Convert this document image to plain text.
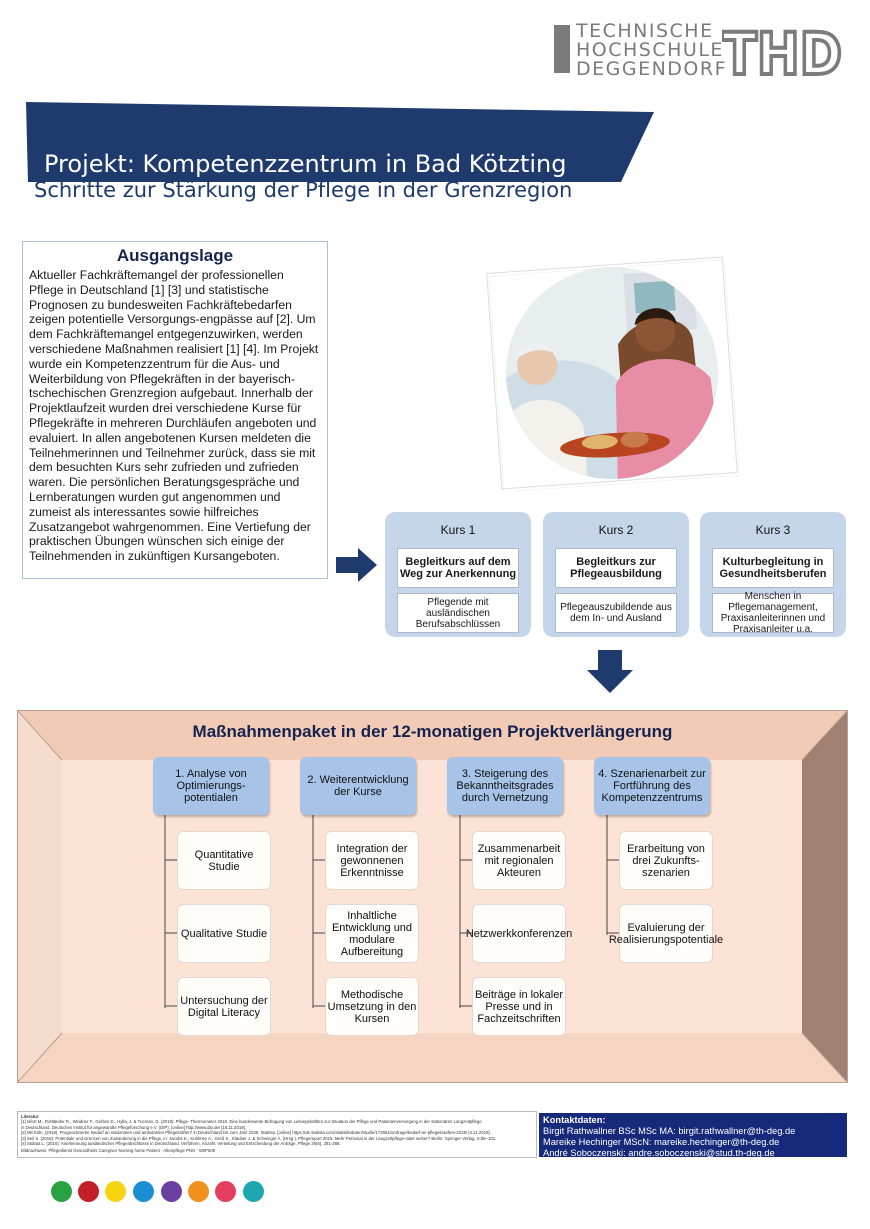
TECHNISCHE
HOCHSCHULE
DEGGENDORF
THD
Projekt: Kompetenzzentrum in Bad Kötzting
Schritte zur Stärkung der Pflege in der Grenzregion
Ausgangslage

Aktueller Fachkräftemangel der professionellen Pflege in Deutschland [1] [3] und statistische Prognosen zu bundesweiten Fachkräftebedarfen zeigen potentielle Versorgungs-engpässe auf [2]. Um dem Fachkräftemangel entgegenzuwirken, werden verschiedene Maßnahmen realisiert [1] [4]. Im Projekt wurde ein Kompetenzzentrum für die Aus- und Weiterbildung von Pflegekräften in der bayerisch-tschechischen Grenzregion aufgebaut. Innerhalb der Projektlaufzeit wurden drei verschiedene Kurse für Pflegekräfte in mehreren Durchläufen angeboten und evaluiert. In allen angebotenen Kursen meldeten die Teilnehmerinnen und Teilnehmer zurück, dass sie mit dem besuchten Kurs sehr zufrieden und zufrieden waren. Die persönlichen Beratungsgespräche und Lernberatungen wurden gut angenommen und zumeist als interessantes sowie hilfreiches Zusatzangebot wahrgenommen. Eine Vertiefung der praktischen Übungen wünschen sich einige der Teilnehmenden in zukünftigen Kursangeboten.

Kurs 1
Begleitkurs auf dem Weg zur Anerkennung
Pflegende mit ausländischen Berufsabschlüssen
Kurs 2
Begleitkurs zur Pflegeausbildung
Pflegeauszubildende aus dem In- und Ausland
Kurs 3
Kulturbegleitung in Gesundheitsberufen
Menschen in Pflegemanagement, Praxisanleiterinnen und Praxisanleiter u.a.
Maßnahmenpaket in der 12-monatigen Projektverlängerung
1. Analyse von Optimierungs-potentialen
2. Weiterentwicklung der Kurse
3. Steigerung des Bekanntheitsgrades durch Vernetzung
4. Szenarienarbeit zur Fortführung des Kompetenzzentrums
Quantitative Studie
Qualitative Studie
Untersuchung der Digital Literacy
Integration der gewonnenen Erkenntnisse
Inhaltliche Entwicklung und modulare Aufbereitung
Methodische Umsetzung in den Kursen
Zusammenarbeit mit regionalen Akteuren
Netzwerkkonferenzen
Beiträge in lokaler Presse und in Fachzeitschriften
Erarbeitung von drei Zukunfts-szenarien
Evaluierung der Realisierungspotentiale
Literatur
[1] Isfort M., Rottländer R., Weidner F., Gehlen D., Hylla, J. & Tucman, D. (2018): Pflege- Thermometer 2018. Eine bundesweite Befragung von Leitungskräften zur Situation der Pflege und Patientenversorgung in der stationären Langzeitpflege
in Deutschland. Deutsches Institut für angewandte Pflegeforschung e.V. (DIP). [online] http://www.dip.de/ [16.11.2019].
[2] Mit Köln. (2018): Prognostizierter Bedarf an stationären und ambulanten Pflegekräften* in Deutschland bis zum Jahr 2035. Statista. [online] https://de.statista.com/statistik/daten/studie/172651/umfrage/bedarf-an-pflegekraeften-2025/ [4.11.2019].
[3] Seil S. (2019): Potentiale und Grenzen von Zuwanderung in die Pflege, in: Jacobs K., Kuhlmey A., Greß S., Klauber J. & Schwinger A. (Hrsg.), Pflegereport 2019. Mehr Personal in der Langzeitpflege–aber woher? Berlin: Springer Verlag, S.85–101.
[4] Stölata L. (2016): Anerkennung ausländischer Pflegeabschlüsse in Deutschland. Verfahren, Anzahl, Verteilung und Entscheidung der Anträge, Pflege 29(6), 281-288.
Bildnachweis: Pflegedienst Gesundheits Caregiver Nursing home Patient - Altenpflege PNG - 509*509
Kontaktdaten:
Birgit Rathwallner BSc MSc MA: birgit.rathwallner@th-deg.de
Mareike Hechinger MScN: mareike.hechinger@th-deg.de
André Soboczenski: andre.soboczenski@stud.th-deg.de
